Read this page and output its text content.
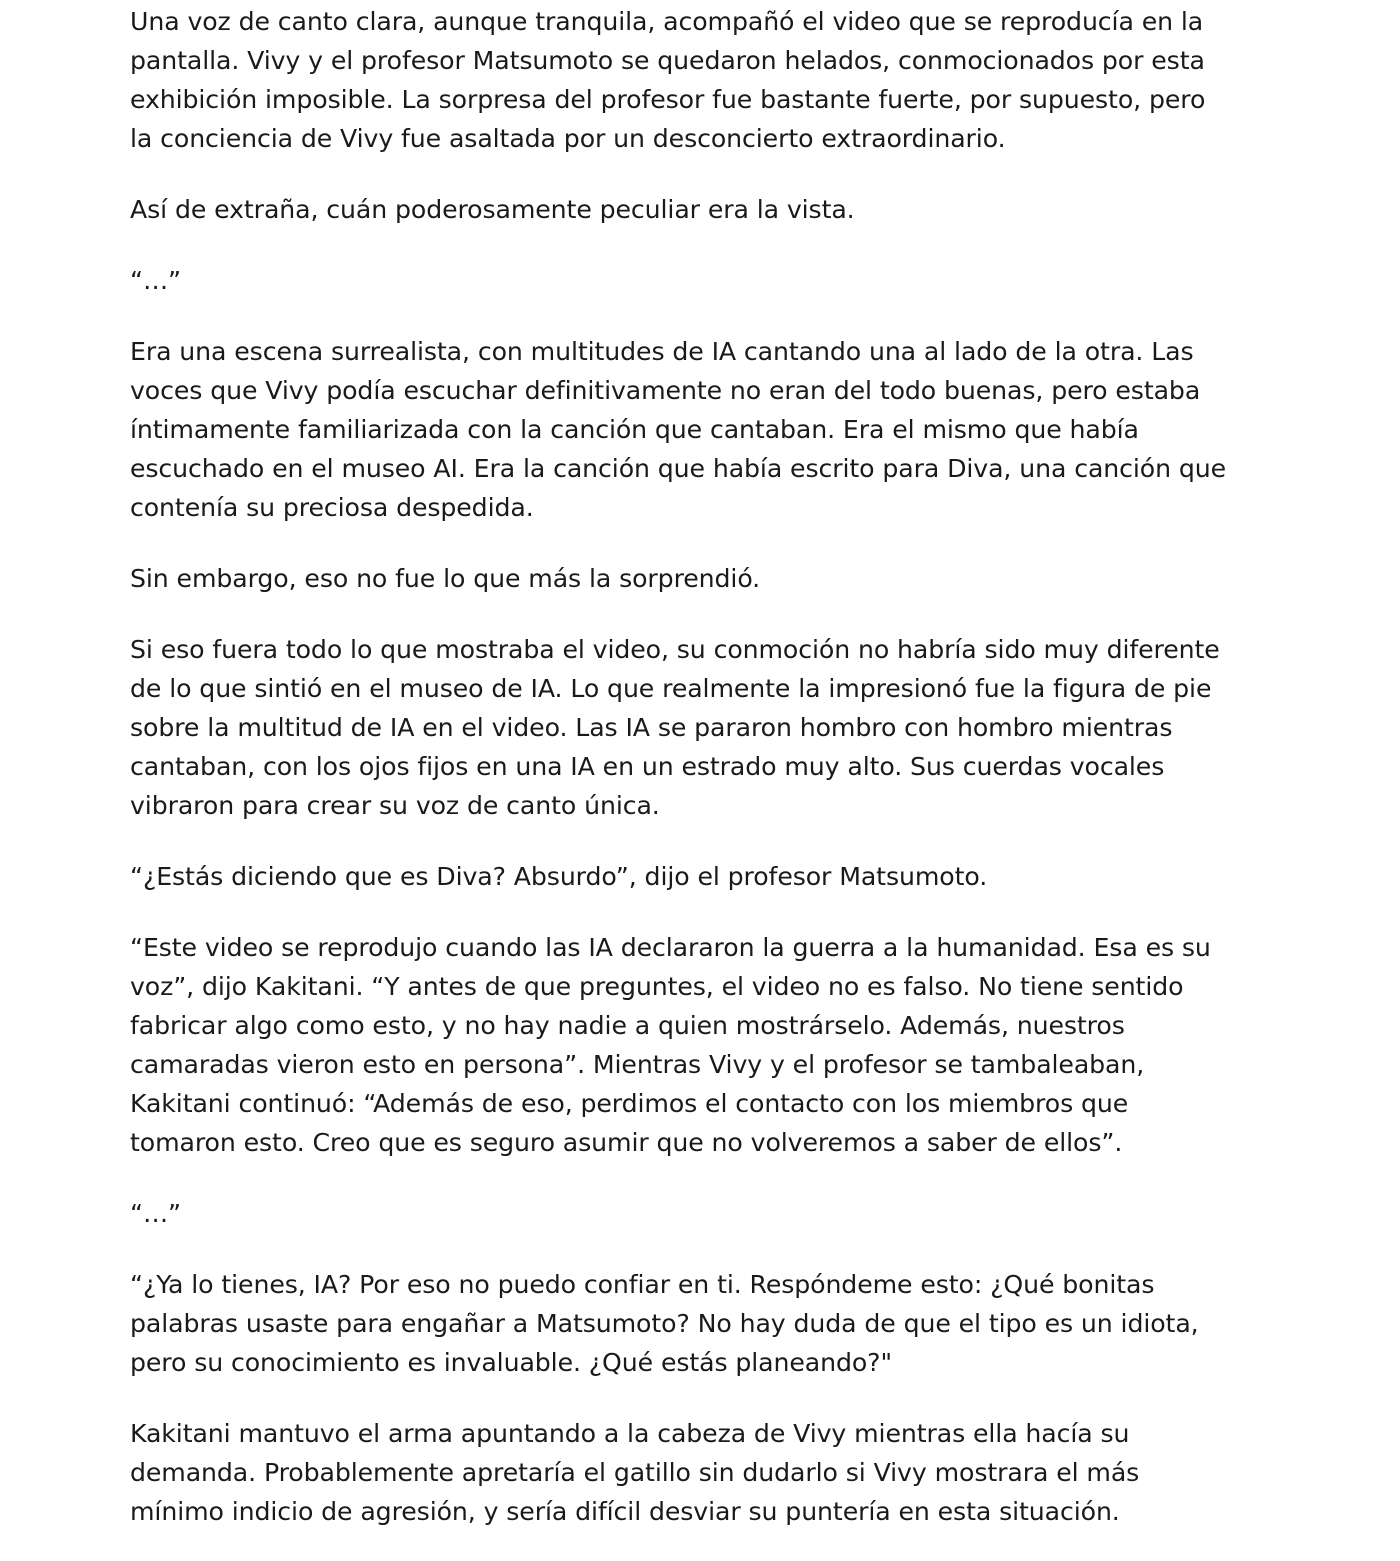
Una voz de canto clara, aunque tranquila, acompañó el video que se reproducía en la
pantalla. Vivy y el profesor Matsumoto se quedaron helados, conmocionados por esta
exhibición imposible. La sorpresa del profesor fue bastante fuerte, por supuesto, pero
la conciencia de Vivy fue asaltada por un desconcierto extraordinario.

Así de extraña, cuán poderosamente peculiar era la vista.

“…”

Era una escena surrealista, con multitudes de IA cantando una al lado de la otra. Las
voces que Vivy podía escuchar definitivamente no eran del todo buenas, pero estaba
íntimamente familiarizada con la canción que cantaban. Era el mismo que había
escuchado en el museo AI. Era la canción que había escrito para Diva, una canción que
contenía su preciosa despedida.

Sin embargo, eso no fue lo que más la sorprendió.

Si eso fuera todo lo que mostraba el video, su conmoción no habría sido muy diferente
de lo que sintió en el museo de IA. Lo que realmente la impresionó fue la figura de pie
sobre la multitud de IA en el video. Las IA se pararon hombro con hombro mientras
cantaban, con los ojos fijos en una IA en un estrado muy alto. Sus cuerdas vocales
vibraron para crear su voz de canto única.

“¿Estás diciendo que es Diva? Absurdo”, dijo el profesor Matsumoto.

“Este video se reprodujo cuando las IA declararon la guerra a la humanidad. Esa es su
voz”, dijo Kakitani. “Y antes de que preguntes, el video no es falso. No tiene sentido
fabricar algo como esto, y no hay nadie a quien mostrárselo. Además, nuestros
camaradas vieron esto en persona”. Mientras Vivy y el profesor se tambaleaban,
Kakitani continuó: “Además de eso, perdimos el contacto con los miembros que
tomaron esto. Creo que es seguro asumir que no volveremos a saber de ellos”.

“…”

“¿Ya lo tienes, IA? Por eso no puedo confiar en ti. Respóndeme esto: ¿Qué bonitas
palabras usaste para engañar a Matsumoto? No hay duda de que el tipo es un idiota,
pero su conocimiento es invaluable. ¿Qué estás planeando?"

Kakitani mantuvo el arma apuntando a la cabeza de Vivy mientras ella hacía su
demanda. Probablemente apretaría el gatillo sin dudarlo si Vivy mostrara el más
mínimo indicio de agresión, y sería difícil desviar su puntería en esta situación.
